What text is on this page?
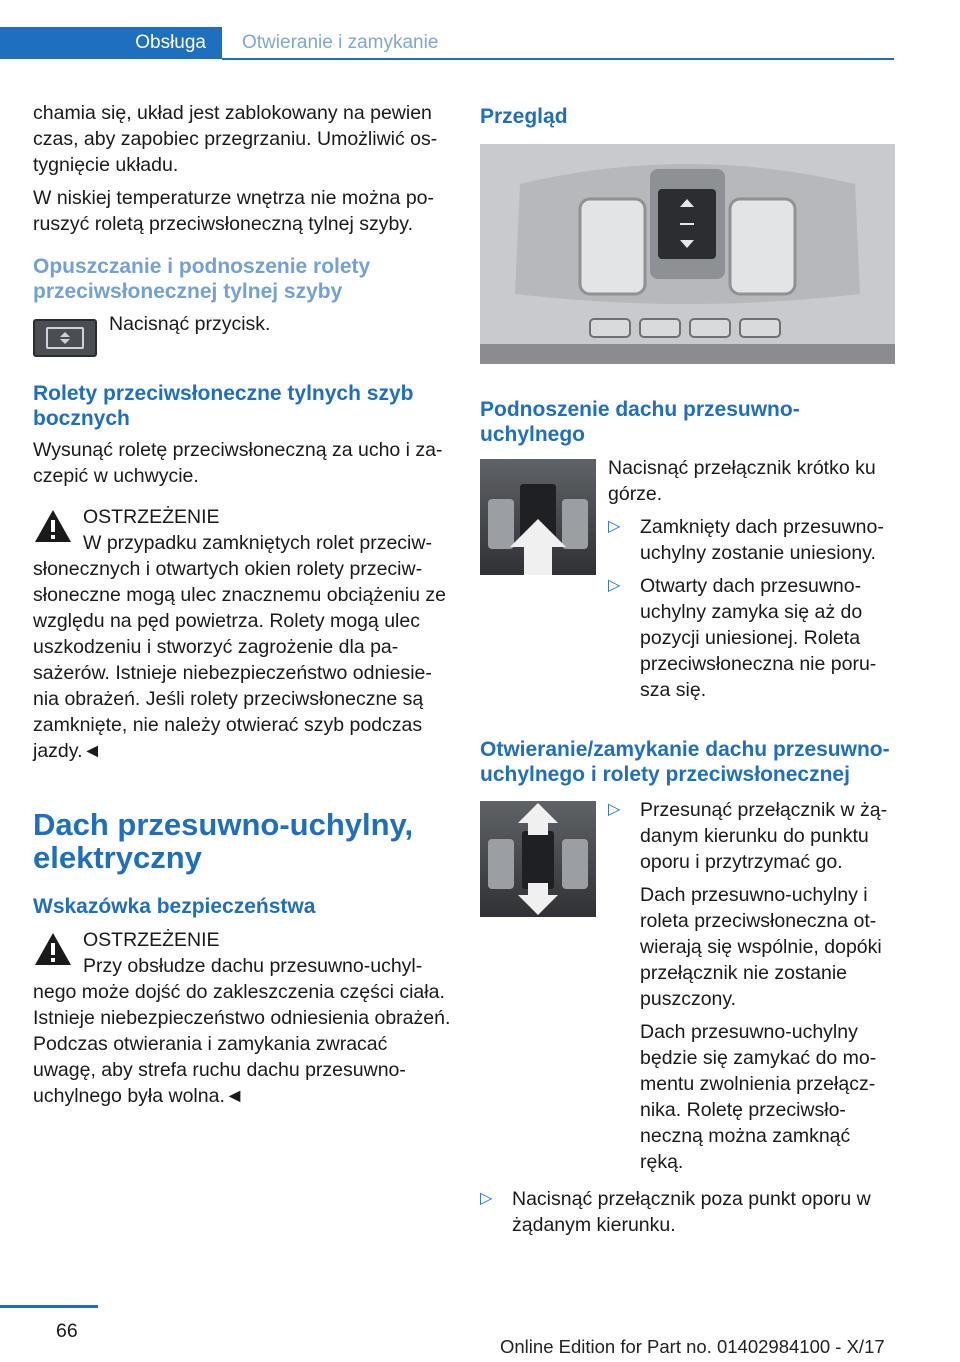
Obsługa	Otwieranie i zamykanie

chamia się, układ jest zablokowany na pewien czas, aby zapobiec przegrzaniu. Umożliwić ostygnięcie układu.

W niskiej temperaturze wnętrza nie można poruszyć roletą przeciwsłoneczną tylnej szyby.

Opuszczanie i podnoszenie rolety przeciwsłonecznej tylnej szyby

Nacisnąć przycisk.

Rolety przeciwsłoneczne tylnych szyb bocznych

Wysunąć roletę przeciwsłoneczną za ucho i zaczepić w uchwycie.

OSTRZEŻENIE
W przypadku zamkniętych rolet przeciw-
słonecznych i otwartych okien rolety przeciwsłoneczne mogą ulec znacznemu obciążeniu ze względu na pęd powietrza. Rolety mogą ulec uszkodzeniu i stworzyć zagrożenie dla pasażerów. Istnieje niebezpieczeństwo odniesienia obrażeń. Jeśli rolety przeciwsłoneczne są zamknięte, nie należy otwierać szyb podczas jazdy.◄
Dach przesuwno-uchylny, elektryczny
Wskazówka bezpieczeństwa
OSTRZEŻENIE
Przy obsłudze dachu przesuwno-uchyl-
nego może dojść do zakleszczenia części ciała. Istnieje niebezpieczeństwo odniesienia obrażeń. Podczas otwierania i zamykania zwracać uwagę, aby strefa ruchu dachu przesuwno-uchylnego była wolna.◄
Przegląd
Podnoszenie dachu przesuwno-uchylnego

Nacisnąć przełącznik krótko ku górze.

▷ Zamknięty dach przesuwno-uchylny zostanie uniesiony.
▷ Otwarty dach przesuwno-uchylny zamyka się aż do pozycji uniesionej. Roleta przeciwsłoneczna nie porusza się.
Otwieranie/zamykanie dachu przesuwno-uchylnego i rolety przeciwsłonecznej
▷ Przesunąć przełącznik w żądanym kierunku do punktu oporu i przytrzymać go.

Dach przesuwno-uchylny i roleta przeciwsłoneczna otwierają się wspólnie, dopóki przełącznik nie zostanie puszczony.

Dach przesuwno-uchylny będzie się zamykać do momentu zwolnienia przełącznika. Roletę przeciwsłoneczną można zamknąć ręką.

▷ Nacisnąć przełącznik poza punkt oporu w żądanym kierunku.
66
Online Edition for Part no. 01402984100 - X/17
